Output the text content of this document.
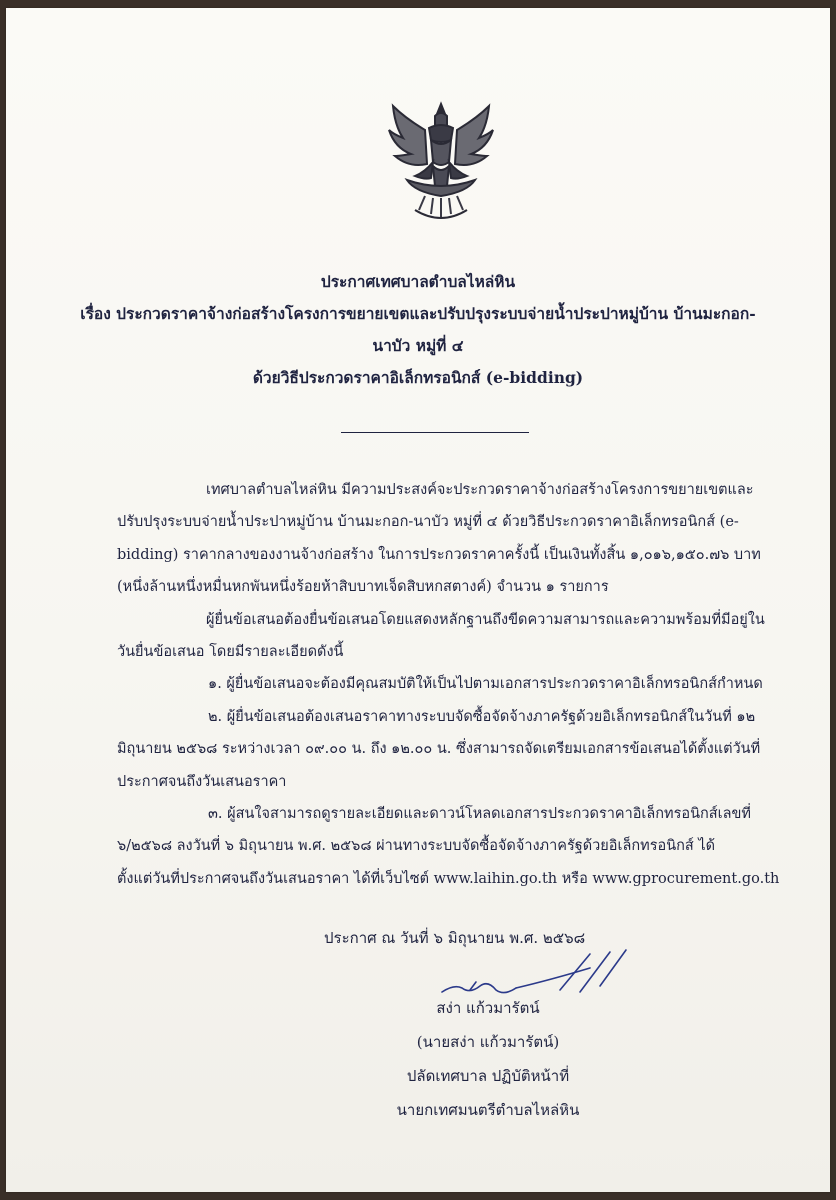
ประกาศเทศบาลตำบลไหล่หิน
เรื่อง ประกวดราคาจ้างก่อสร้างโครงการขยายเขตและปรับปรุงระบบจ่ายน้ำประปาหมู่บ้าน บ้านมะกอก-
นาบัว หมู่ที่ ๔
ด้วยวิธีประกวดราคาอิเล็กทรอนิกส์ (e-bidding)
เทศบาลตำบลไหล่หิน มีความประสงค์จะประกวดราคาจ้างก่อสร้างโครงการขยายเขตและ
ปรับปรุงระบบจ่ายน้ำประปาหมู่บ้าน บ้านมะกอก-นาบัว หมู่ที่ ๔ ด้วยวิธีประกวดราคาอิเล็กทรอนิกส์ (e-
bidding) ราคากลางของงานจ้างก่อสร้าง ในการประกวดราคาครั้งนี้ เป็นเงินทั้งสิ้น ๑,๐๑๖,๑๕๐.๗๖ บาท
(หนึ่งล้านหนึ่งหมื่นหกพันหนึ่งร้อยห้าสิบบาทเจ็ดสิบหกสตางค์) จำนวน ๑ รายการ
ผู้ยื่นข้อเสนอต้องยื่นข้อเสนอโดยแสดงหลักฐานถึงขีดความสามารถและความพร้อมที่มีอยู่ใน
วันยื่นข้อเสนอ โดยมีรายละเอียดดังนี้
๑. ผู้ยื่นข้อเสนอจะต้องมีคุณสมบัติให้เป็นไปตามเอกสารประกวดราคาอิเล็กทรอนิกส์กำหนด
๒. ผู้ยื่นข้อเสนอต้องเสนอราคาทางระบบจัดซื้อจัดจ้างภาครัฐด้วยอิเล็กทรอนิกส์ในวันที่ ๑๒
มิถุนายน ๒๕๖๘ ระหว่างเวลา ๐๙.๐๐ น. ถึง ๑๒.๐๐ น. ซึ่งสามารถจัดเตรียมเอกสารข้อเสนอได้ตั้งแต่วันที่
ประกาศจนถึงวันเสนอราคา
๓. ผู้สนใจสามารถดูรายละเอียดและดาวน์โหลดเอกสารประกวดราคาอิเล็กทรอนิกส์เลขที่
๖/๒๕๖๘ ลงวันที่ ๖ มิถุนายน พ.ศ. ๒๕๖๘ ผ่านทางระบบจัดซื้อจัดจ้างภาครัฐด้วยอิเล็กทรอนิกส์ ได้
ตั้งแต่วันที่ประกาศจนถึงวันเสนอราคา ได้ที่เว็บไซต์ www.laihin.go.th หรือ www.gprocurement.go.th
ประกาศ ณ วันที่ ๖ มิถุนายน พ.ศ. ๒๕๖๘
สง่า แก้วมารัตน์
(นายสง่า แก้วมารัตน์)
ปลัดเทศบาล ปฏิบัติหน้าที่
นายกเทศมนตรีตำบลไหล่หิน
